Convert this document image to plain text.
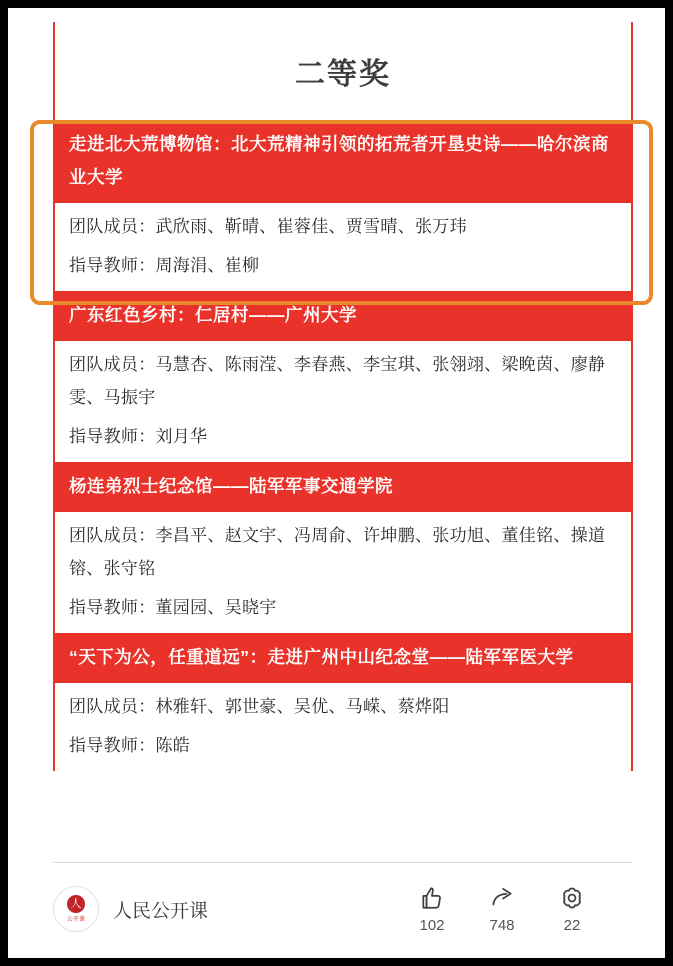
二等奖
走进北大荒博物馆：北大荒精神引领的拓荒者开垦史诗——哈尔滨商业大学
团队成员：武欣雨、靳晴、崔蓉佳、贾雪晴、张万玮
指导教师：周海涓、崔柳
广东红色乡村：仁居村——广州大学
团队成员：马慧杏、陈雨滢、李春燕、李宝琪、张翎翊、梁睌茵、廖静雯、马振宇
指导教师：刘月华
杨连弟烈士纪念馆——陆军军事交通学院
团队成员：李昌平、赵文宇、冯周俞、许坤鹏、张功旭、董佳铭、操道镕、张守铭
指导教师：董园园、吴晓宇
“天下为公，任重道远”：走进广州中山纪念堂——陆军军医大学
团队成员：林雅轩、郭世豪、吴优、马嵘、蔡烨阳
指导教师：陈皓
人
公开课 人民公开课
102	748	22
